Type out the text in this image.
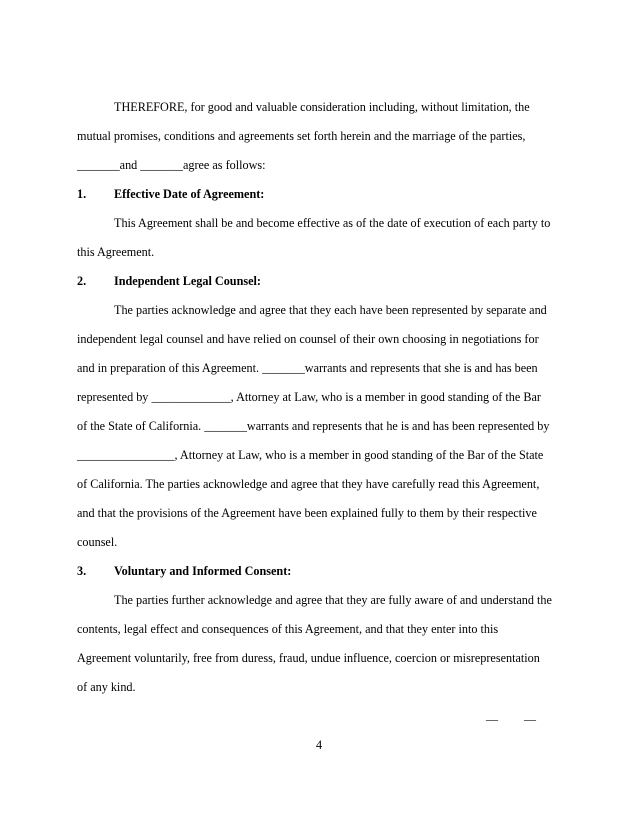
THEREFORE, for good and valuable consideration including, without limitation, the
mutual promises, conditions and agreements set forth herein and the marriage of the parties,
_______and _______agree as follows:
1. Effective Date of Agreement:
This Agreement shall be and become effective as of the date of execution of each party to
this Agreement.
2. Independent Legal Counsel:
The parties acknowledge and agree that they each have been represented by separate and
independent legal counsel and have relied on counsel of their own choosing in negotiations for
and in preparation of this Agreement. _______warrants and represents that she is and has been
represented by _____________, Attorney at Law, who is a member in good standing of the Bar
of the State of California. _______warrants and represents that he is and has been represented by
________________, Attorney at Law, who is a member in good standing of the Bar of the State
of California. The parties acknowledge and agree that they have carefully read this Agreement,
and that the provisions of the Agreement have been explained fully to them by their respective
counsel.
3. Voluntary and Informed Consent:
The parties further acknowledge and agree that they are fully aware of and understand the
contents, legal effect and consequences of this Agreement, and that they enter into this
Agreement voluntarily, free from duress, fraud, undue influence, coercion or misrepresentation
of any kind.
__ __
4
